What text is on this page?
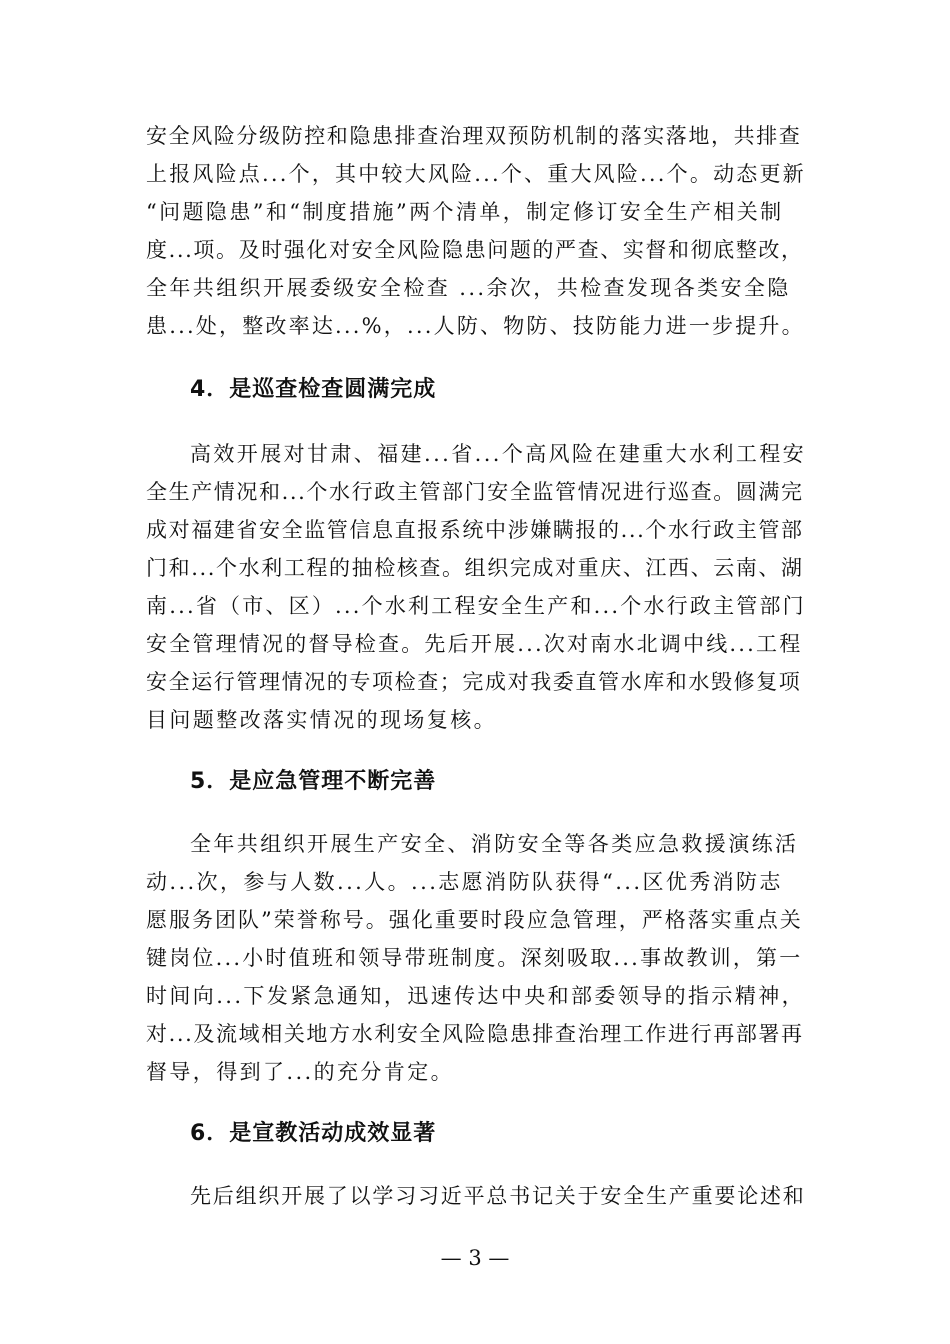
安全风险分级防控和隐患排查治理双预防机制的落实落地，共排查
上报风险点...个，其中较大风险...个、重大风险...个。动态更新
“问题隐患”和“制度措施”两个清单，制定修订安全生产相关制
度...项。及时强化对安全风险隐患问题的严查、实督和彻底整改，
全年共组织开展委级安全检查 ...余次，共检查发现各类安全隐
患...处，整改率达...%，...人防、物防、技防能力进一步提升。
4．是巡查检查圆满完成
高效开展对甘肃、福建...省...个高风险在建重大水利工程安
全生产情况和...个水行政主管部门安全监管情况进行巡查。圆满完
成对福建省安全监管信息直报系统中涉嫌瞒报的...个水行政主管部
门和...个水利工程的抽检核查。组织完成对重庆、江西、云南、湖
南...省（市、区）...个水利工程安全生产和...个水行政主管部门
安全管理情况的督导检查。先后开展...次对南水北调中线...工程
安全运行管理情况的专项检查；完成对我委直管水库和水毁修复项
目问题整改落实情况的现场复核。
5．是应急管理不断完善
全年共组织开展生产安全、消防安全等各类应急救援演练活
动...次，参与人数...人。...志愿消防队获得“...区优秀消防志
愿服务团队”荣誉称号。强化重要时段应急管理，严格落实重点关
键岗位...小时值班和领导带班制度。深刻吸取...事故教训，第一
时间向...下发紧急通知，迅速传达中央和部委领导的指示精神，
对...及流域相关地方水利安全风险隐患排查治理工作进行再部署再
督导，得到了...的充分肯定。
6．是宣教活动成效显著
先后组织开展了以学习习近平总书记关于安全生产重要论述和
— 3 —
